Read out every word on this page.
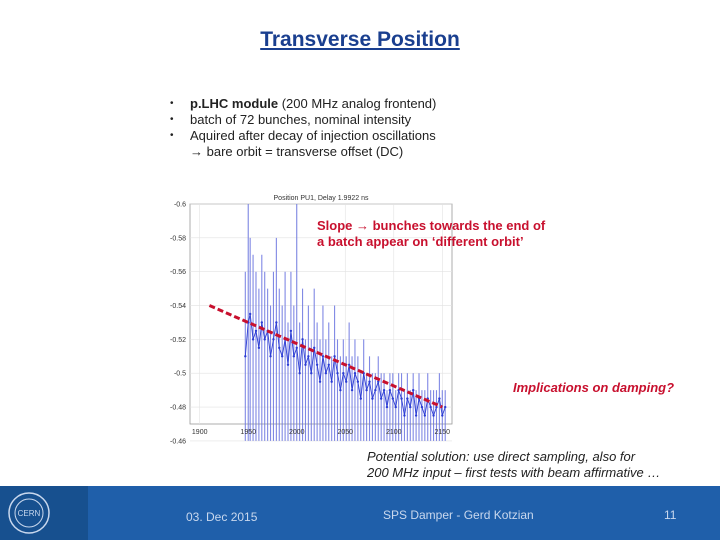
Transverse Position
• p.LHC module (200 MHz analog frontend)
• batch of 72 bunches, nominal intensity
• Aquired after decay of injection oscillations
→ bare orbit = transverse offset (DC)
Position PU1, Delay 1.9922 ns
-0.6
-0.58
-0.56
-0.54
-0.52
-0.5
-0.48
-0.46
1900	1950	2000	2050	2100	2150
Slope → bunches towards the end of
a batch appear on ‘different orbit’
Implications on damping?
Potential solution: use direct sampling, also for
200 MHz input – first tests with beam affirmative …
CERN	03. Dec 2015	SPS Damper - Gerd Kotzian	11
